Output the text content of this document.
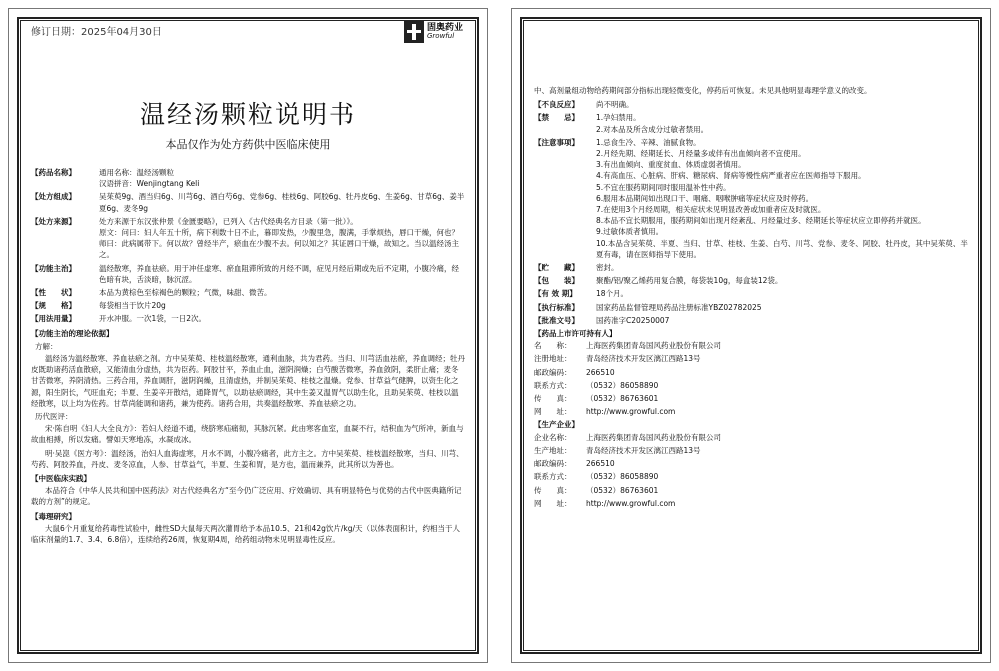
修订日期：2025年04月30日	固奥药业
Growful
温经汤颗粒说明书
本品仅作为处方药供中医临床使用
【药品名称】	通用名称：温经汤颗粒

汉语拼音：Wenjingtang Keli

【处方组成】	吴茱萸9g、酒当归6g、川芎6g、酒白芍6g、党参6g、桂枝6g、阿胶6g、牡丹皮6g、生姜6g、甘草6g、姜半夏6g、麦冬9g

【处方来源】	处方来源于东汉张仲景《金匮要略》，已列入《古代经典名方目录（第一批）》。

原文：问曰：妇人年五十所，病下利数十日不止，暮即发热，少腹里急，腹满，手掌烦热，唇口干燥，何也？师曰：此病属带下。何以故？曾经半产，瘀血在少腹不去。何以知之？其证唇口干燥，故知之。当以温经汤主之。

【功能主治】	温经散寒，养血祛瘀。用于冲任虚寒、瘀血阻滞所致的月经不调，症见月经后期或先后不定期，小腹冷痛，经色暗有块，舌淡暗，脉沉涩。

【性　　状】	本品为黄棕色至棕褐色的颗粒；气微，味甜、微苦。

【规　　格】	每袋相当于饮片20g

【用法用量】	开水冲服。一次1袋，一日2次。

【功能主治的理论依据】
方解：
温经汤为温经散寒、养血祛瘀之剂。方中吴茱萸、桂枝温经散寒，通利血脉，共为君药。当归、川芎活血祛瘀，养血调经；牡丹皮既助诸药活血散瘀，又能清血分虚热，共为臣药。阿胶甘平，养血止血，滋阴润燥；白芍酸苦微寒，养血敛阴，柔肝止痛；麦冬甘苦微寒，养阴清热。三药合用，养血调肝，滋阴润燥，且清虚热，并制吴茱萸、桂枝之温燥。党参、甘草益气健脾，以资生化之源，阳生阴长，气旺血充；半夏、生姜辛开散结，通降胃气，以助祛瘀调经，其中生姜又温胃气以助生化，且助吴茱萸、桂枝以温经散寒，以上均为佐药。甘草尚能调和诸药，兼为使药。诸药合用，共奏温经散寒、养血祛瘀之功。
历代医评：
宋·陈自明《妇人大全良方》：若妇人经道不通，绕脐寒疝痛彻，其脉沉紧。此由寒客血室，血凝不行，结积血为气所冲，新血与故血相搏，所以发痛。譬如天寒地冻，水凝成冰。
明·吴崑《医方考》：温经汤，治妇人血海虚寒，月水不调，小腹冷痛者，此方主之。方中吴茱萸、桂枝温经散寒，当归、川芎、芍药、阿胶养血，丹皮、麦冬凉血，人参、甘草益气，半夏、生姜和胃，是方也，温而兼养，此其所以为善也。
【中医临床实践】
本品符合《中华人民共和国中医药法》对古代经典名方“至今仍广泛应用、疗效确切、具有明显特色与优势的古代中医典籍所记载的方剂”的规定。
【毒理研究】
大鼠6个月重复给药毒性试验中，雌性SD大鼠每天两次灌胃给予本品10.5、21和42g饮片/kg/天（以体表面积计，约相当于人临床剂量的1.7、3.4、6.8倍），连续给药26周，恢复期4周，给药组动物未见明显毒性反应。
中、高剂量组动物给药期间部分指标出现轻微变化，停药后可恢复。未见具他明显毒理学意义的改变。
【不良反应】	尚不明确。

【禁　　忌】	1.孕妇禁用。

2.对本品及所含成分过敏者禁用。

【注意事项】	1.忌食生冷、辛辣、油腻食物。

2.月经先期、经期延长、月经量多或伴有出血倾向者不宜使用。

3.有出血倾向、重度贫血、体质虚弱者慎用。

4.有高血压、心脏病、肝病、糖尿病、肾病等慢性病严重者应在医师指导下服用。

5.不宜在服药期间同时服用温补性中药。

6.服用本品期间如出现口干、咽痛、咽喉肿痛等症状应及时停药。

7.在使用3个月经周期，相关症状未见明显改善或加重者应及时就医。

8.本品不宜长期服用，服药期间如出现月经紊乱、月经量过多、经期延长等症状应立即停药并就医。

9.过敏体质者慎用。

10.本品含吴茱萸、半夏、当归、甘草、桂枝、生姜、白芍、川芎、党参、麦冬、阿胶、牡丹皮，其中吴茱萸、半夏有毒，请在医师指导下使用。

【贮　　藏】	密封。

【包　　装】	聚酯/铝/聚乙烯药用复合膜，每袋装10g，每盒装12袋。

【有 效 期】	18个月。

【执行标准】	国家药品监督管理局药品注册标准YBZ02782025

【批准文号】	国药准字C20250007

【药品上市许可持有人】
名　　称：	上海医药集团青岛国风药业股份有限公司
注册地址：	青岛经济技术开发区漓江西路13号
邮政编码：	266510
联系方式：	（0532）86058890
传　　真：	（0532）86763601
网　　址：	http://www.growful.com
【生产企业】
企业名称：	上海医药集团青岛国风药业股份有限公司
生产地址：	青岛经济技术开发区漓江西路13号
邮政编码：	266510
联系方式：	（0532）86058890
传　　真：	（0532）86763601
网　　址：	http://www.growful.com
